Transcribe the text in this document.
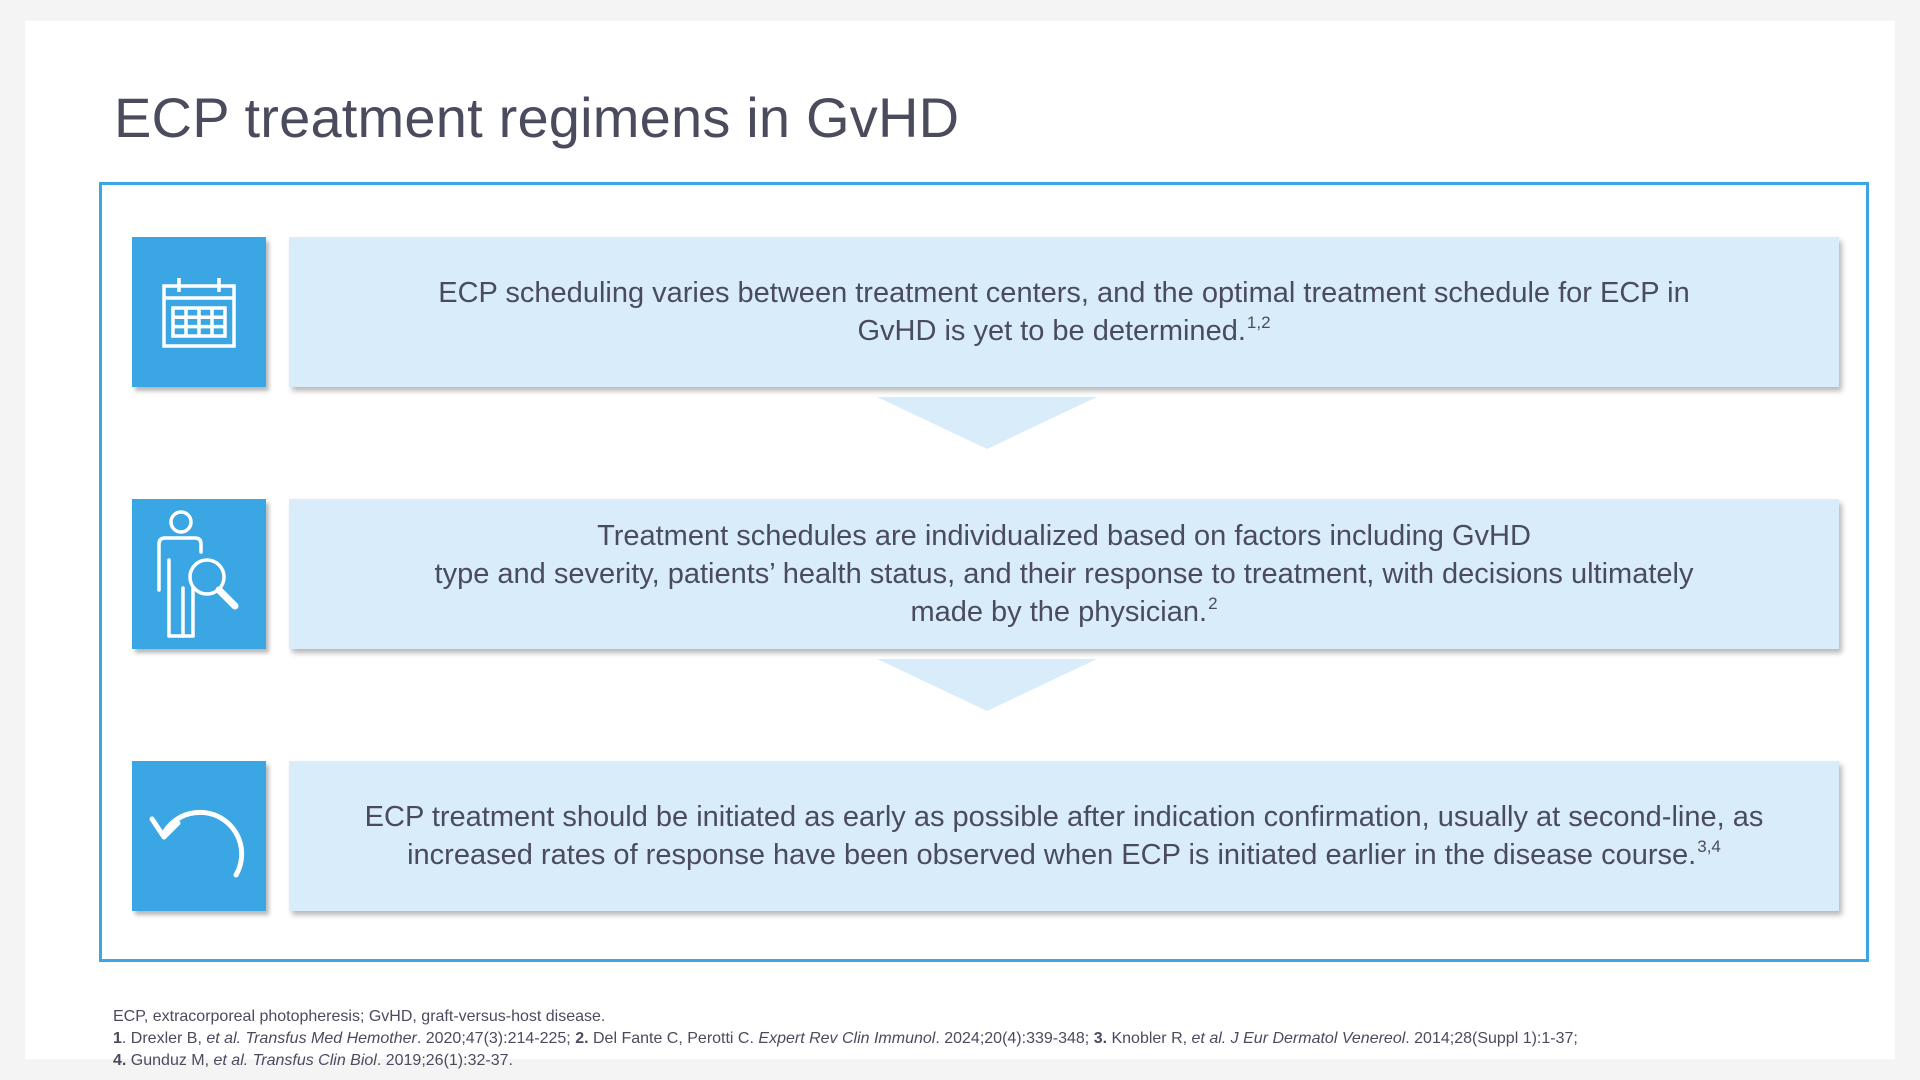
ECP treatment regimens in GvHD
ECP scheduling varies between treatment centers, and the optimal treatment schedule for ECP in
GvHD is yet to be determined.$^{1,2}$
Treatment schedules are individualized based on factors including GvHD
type and severity, patients’ health status, and their response to treatment, with decisions ultimately
made by the physician.$^2$
ECP treatment should be initiated as early as possible after indication confirmation, usually at second-line, as
increased rates of response have been observed when ECP is initiated earlier in the disease course.$^{3,4}$
ECP, extracorporeal photopheresis; GvHD, graft-versus-host disease.
1. Drexler B, et al. Transfus Med Hemother. 2020;47(3):214-225; 2. Del Fante C, Perotti C. Expert Rev Clin Immunol. 2024;20(4):339-348; 3. Knobler R, et al. J Eur Dermatol Venereol. 2014;28(Suppl 1):1-37;
4. Gunduz M, et al. Transfus Clin Biol. 2019;26(1):32-37.
